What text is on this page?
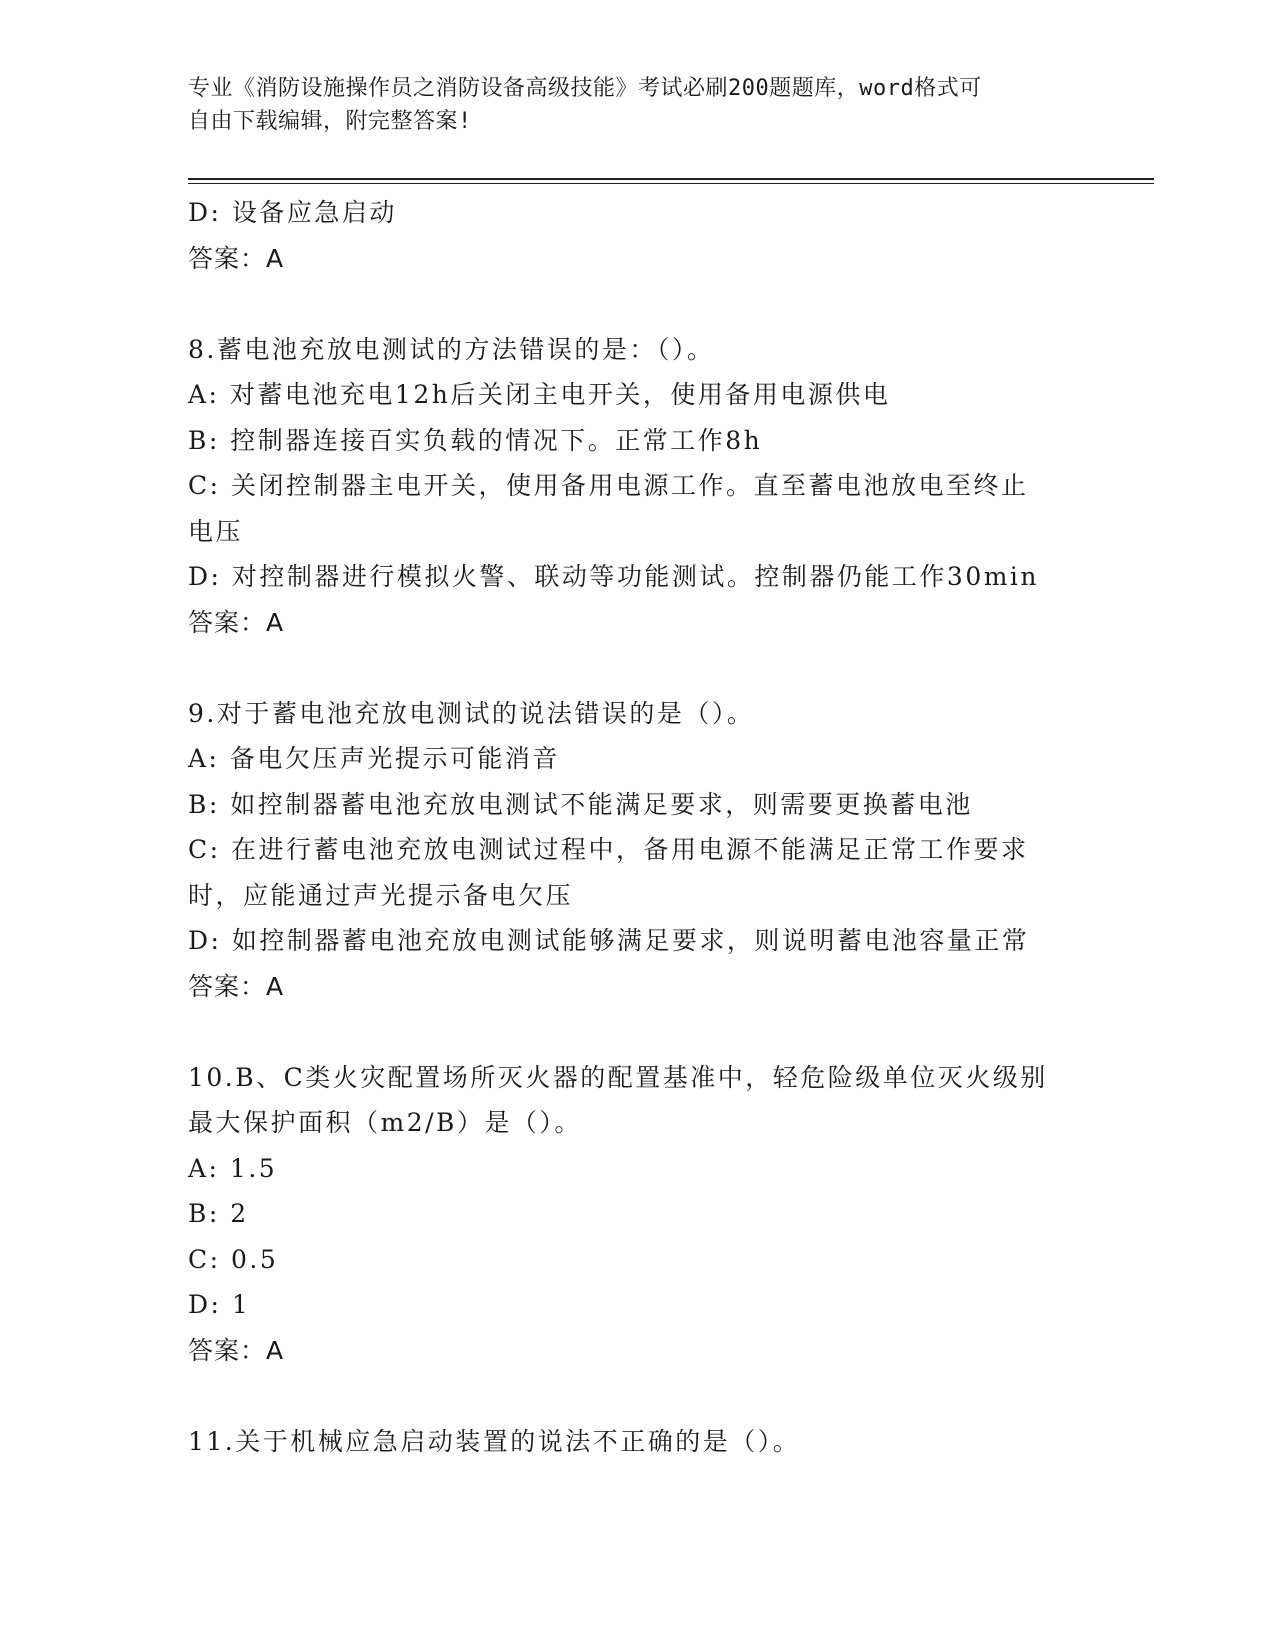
专业《消防设施操作员之消防设备高级技能》考试必刷200题题库，word格式可
自由下载编辑，附完整答案!
D: 设备应急启动
答案：A
8.蓄电池充放电测试的方法错误的是：（）。
A: 对蓄电池充电12h后关闭主电开关，使用备用电源供电
B: 控制器连接百实负载的情况下。正常工作8h
C: 关闭控制器主电开关，使用备用电源工作。直至蓄电池放电至终止
电压
D: 对控制器进行模拟火警、联动等功能测试。控制器仍能工作30min
答案：A
9.对于蓄电池充放电测试的说法错误的是（）。
A: 备电欠压声光提示可能消音
B: 如控制器蓄电池充放电测试不能满足要求，则需要更换蓄电池
C: 在进行蓄电池充放电测试过程中，备用电源不能满足正常工作要求
时，应能通过声光提示备电欠压
D: 如控制器蓄电池充放电测试能够满足要求，则说明蓄电池容量正常
答案：A
10.B、C类火灾配置场所灭火器的配置基准中，轻危险级单位灭火级别
最大保护面积（m2/B）是（）。
A: 1.5
B: 2
C: 0.5
D: 1
答案：A
11.关于机械应急启动装置的说法不正确的是（）。
